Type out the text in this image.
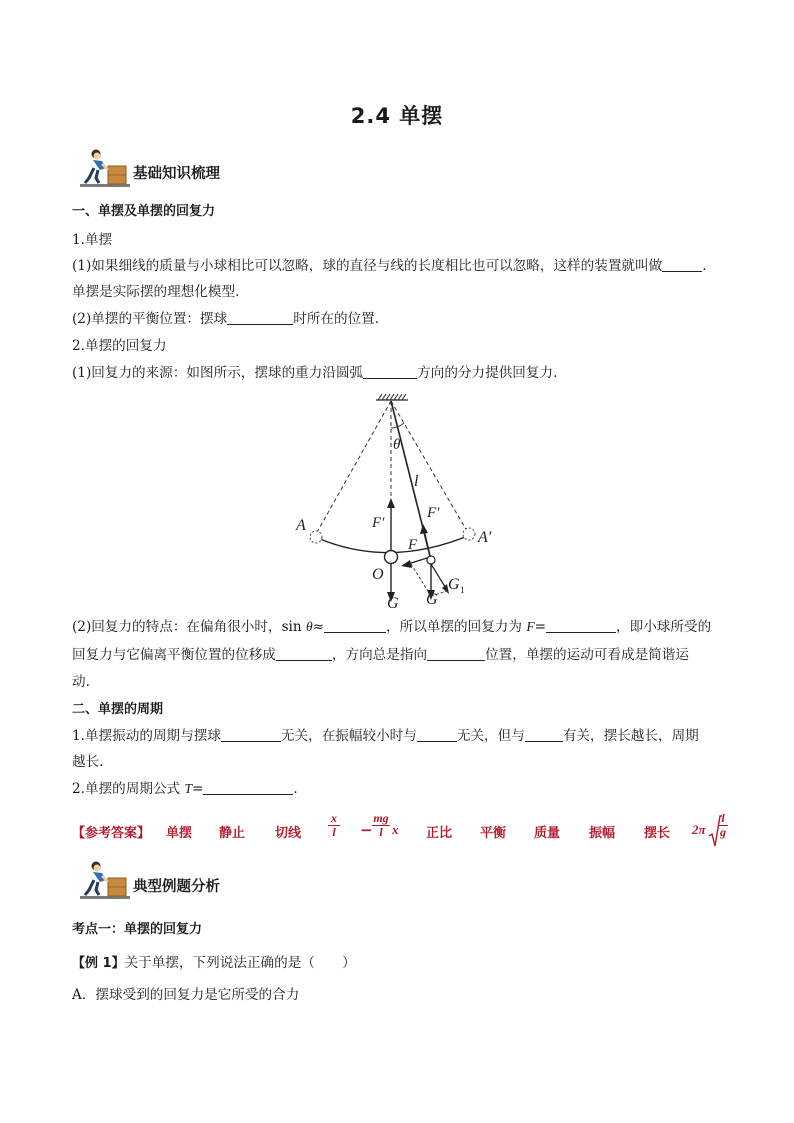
2.4 单摆
基础知识梳理
一、单摆及单摆的回复力
1.单摆
(1)如果细线的质量与小球相比可以忽略，球的直径与线的长度相比也可以忽略，这样的装置就叫做	.
单摆是实际摆的理想化模型.
(2)单摆的平衡位置：摆球	时所在的位置.
2.单摆的回复力
(1)回复力的来源：如图所示，摆球的重力沿圆弧	方向的分力提供回复力.
θ
l
A
A′
O
F′
F′
F
G G
G 1
(2)回复力的特点：在偏角很小时，sin θ≈	，所以单摆的回复力为 F=	，即小球所受的
回复力与它偏离平衡位置的位移成	，方向总是指向	位置，单摆的运动可看成是简谐运
动.
二、单摆的周期
1.单摆振动的周期与摆球	无关，在振幅较小时与	无关，但与	有关，摆长越长，周期
越长.
2.单摆的周期公式 T=	.
【参考答案】 单摆 静止 切线 $\frac{x}{l} - \frac{mg}{l}$ x 正比 平衡 质量 振幅 摆长 $2\pi \frac{l}{g}$
典型例题分析
考点一：单摆的回复力
【例 1】关于单摆，下列说法正确的是（　　）
A．摆球受到的回复力是它所受的合力
